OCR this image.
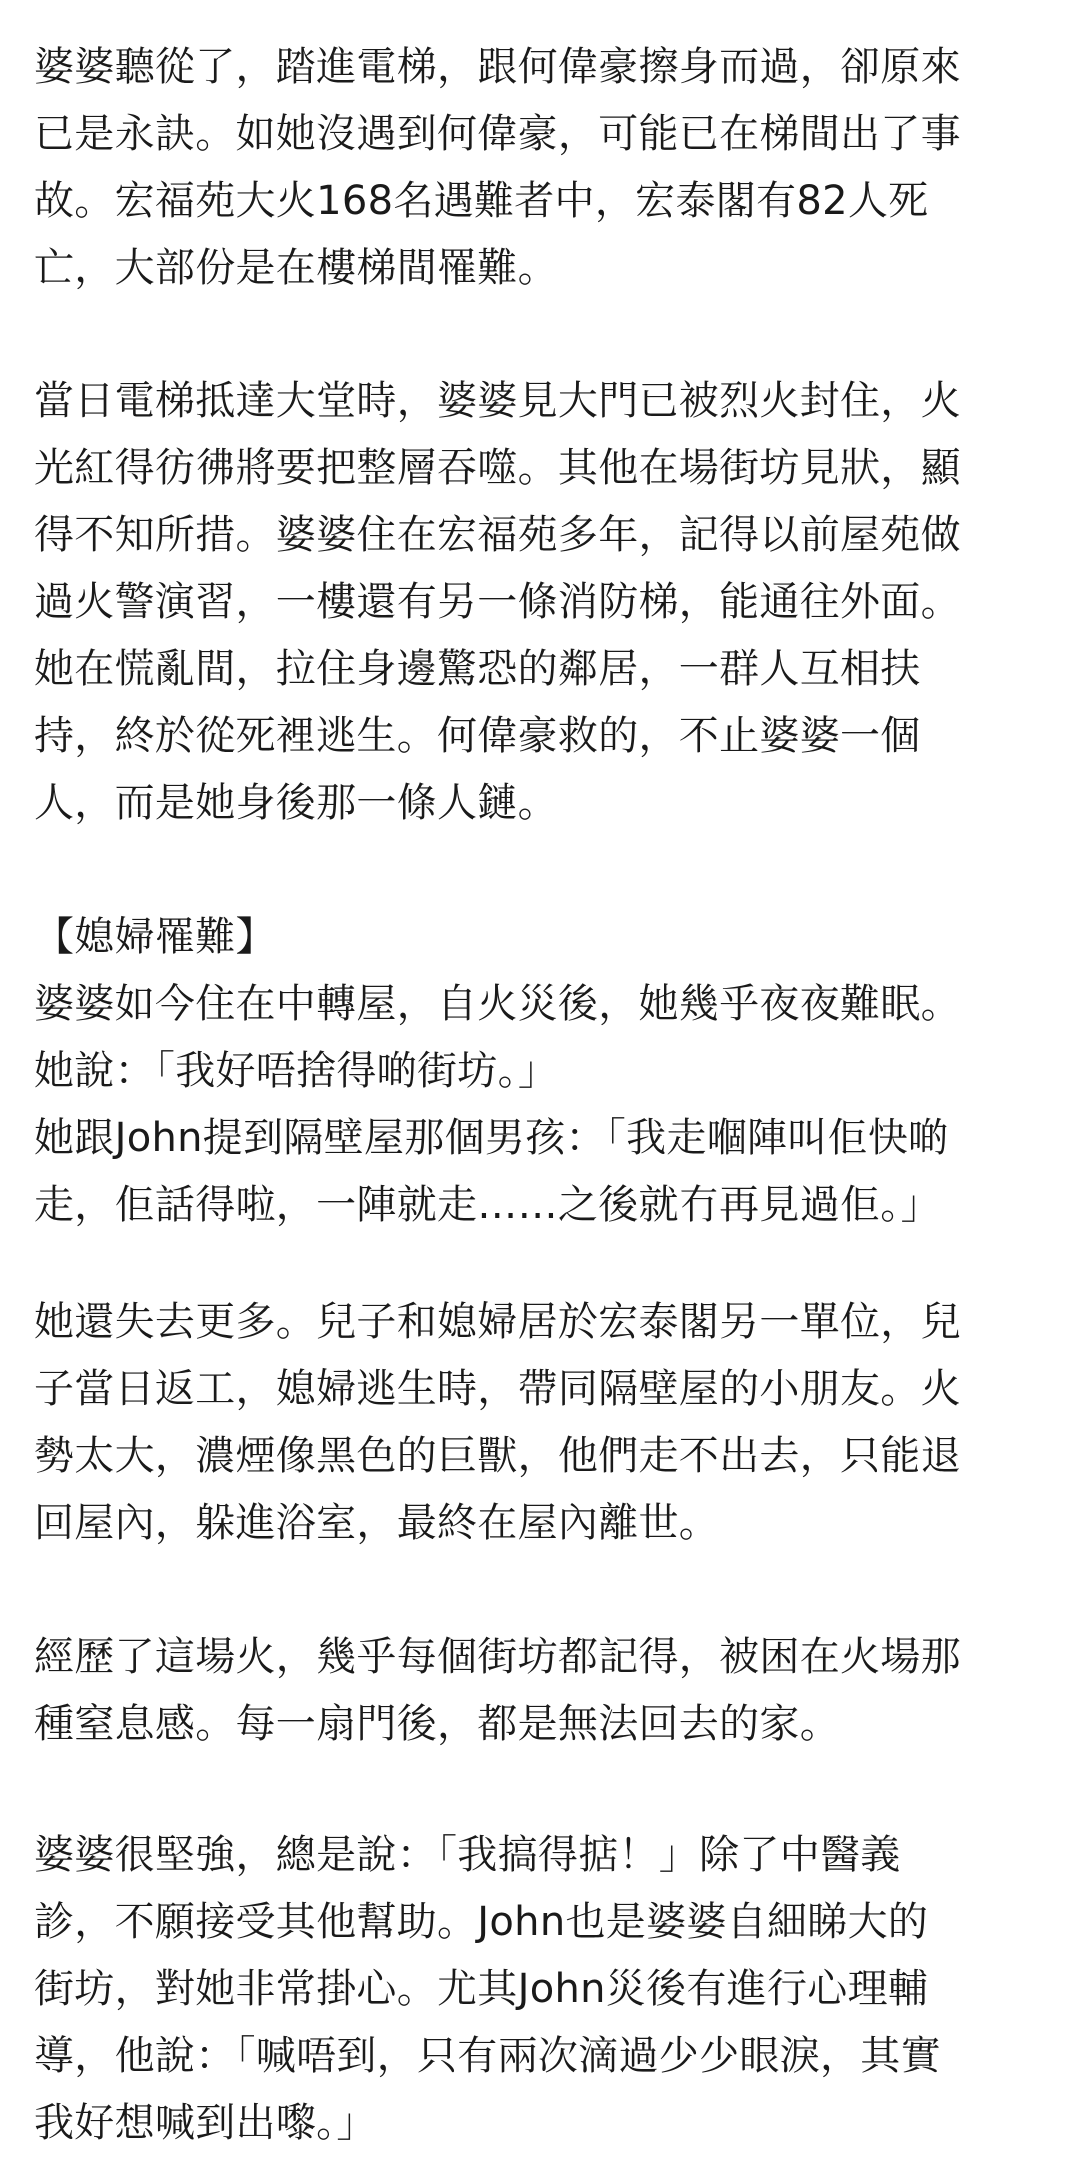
婆婆聽從了，踏進電梯，跟何偉豪擦身而過，卻原來
已是永訣。如她沒遇到何偉豪，可能已在梯間出了事
故。宏福苑大火168名遇難者中，宏泰閣有82人死
亡，大部份是在樓梯間罹難。
當日電梯抵達大堂時，婆婆見大門已被烈火封住，火
光紅得彷彿將要把整層吞噬。其他在場街坊見狀，顯
得不知所措。婆婆住在宏福苑多年，記得以前屋苑做
過火警演習，一樓還有另一條消防梯，能通往外面。
她在慌亂間，拉住身邊驚恐的鄰居，一群人互相扶
持，終於從死裡逃生。何偉豪救的，不止婆婆一個
人，而是她身後那一條人鏈。
【媳婦罹難】
婆婆如今住在中轉屋，自火災後，她幾乎夜夜難眠。
她說：「我好唔捨得啲街坊。」
她跟John提到隔壁屋那個男孩：「我走嗰陣叫佢快啲
走，佢話得啦，一陣就走……之後就冇再見過佢。」
她還失去更多。兒子和媳婦居於宏泰閣另一單位，兒
子當日返工，媳婦逃生時，帶同隔壁屋的小朋友。火
勢太大，濃煙像黑色的巨獸，他們走不出去，只能退
回屋內，躲進浴室，最終在屋內離世。
經歷了這場火，幾乎每個街坊都記得，被困在火場那
種窒息感。每一扇門後，都是無法回去的家。
婆婆很堅強，總是說：「我搞得掂！」除了中醫義
診，不願接受其他幫助。John也是婆婆自細睇大的
街坊，對她非常掛心。尤其John災後有進行心理輔
導，他說：「喊唔到，只有兩次滴過少少眼淚，其實
我好想喊到出嚟。」
